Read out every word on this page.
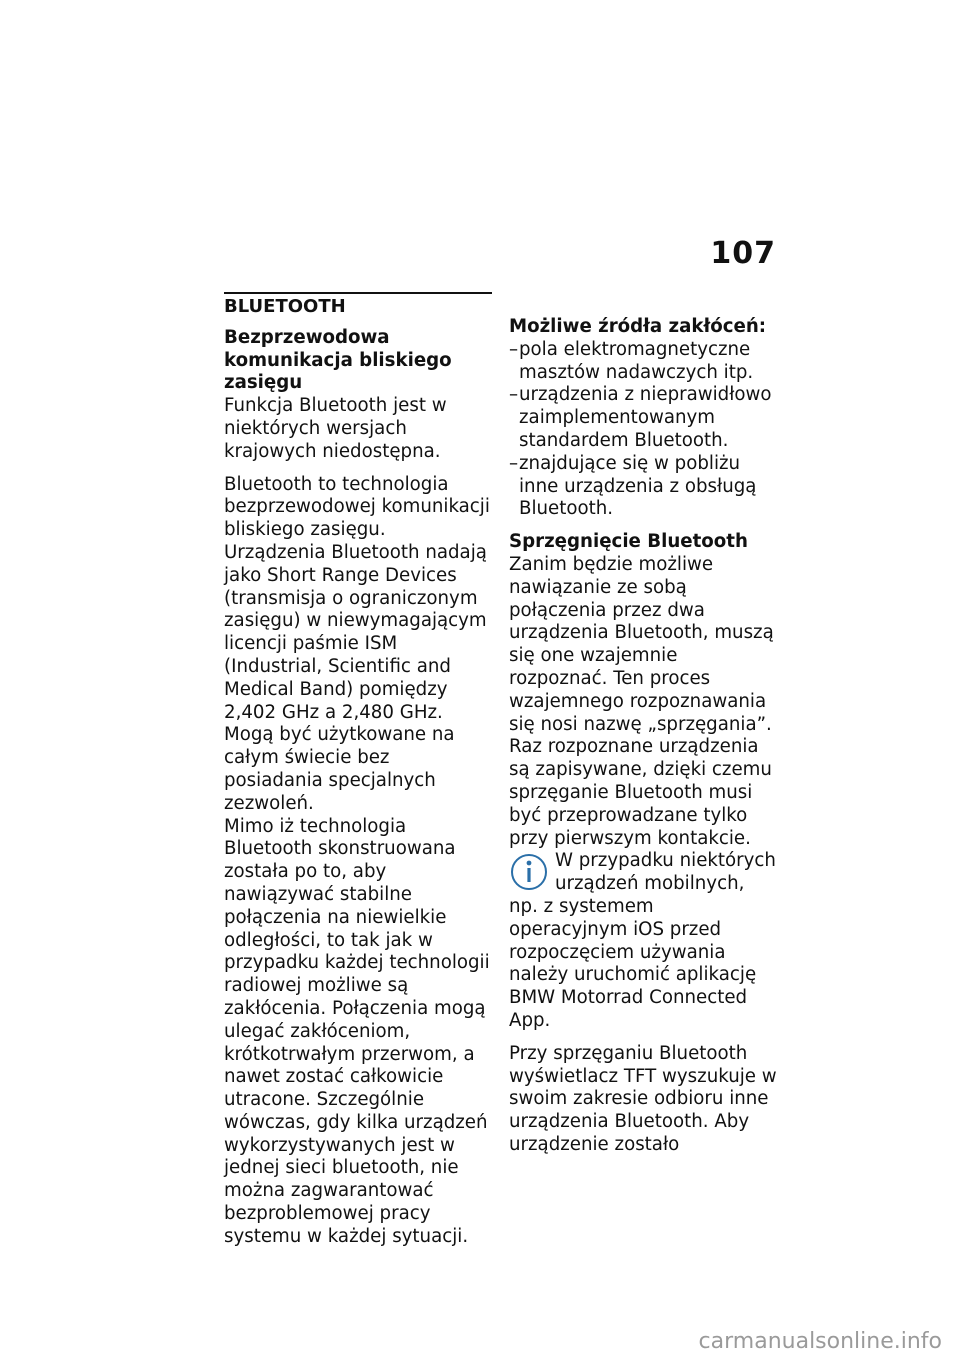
107
BLUETOOTH
Bezprzewodowa komunikacja bliskiego zasięgu

Funkcja Bluetooth jest w niektórych wersjach krajowych niedostępna.

Bluetooth to technologia bezprzewodowej komunikacji bliskiego zasięgu. Urządzenia Bluetooth nadają jako Short Range Devices (transmisja o ograniczonym zasięgu) w niewymagającym licencji paśmie ISM (Industrial, Scientific and Medical Band) pomiędzy 2,402 GHz a 2,480 GHz. Mogą być użytkowane na całym świecie bez posiadania specjalnych zezwoleń.

Mimo iż technologia Bluetooth skonstruowana została po to, aby nawiązywać stabilne połączenia na niewielkie odległości, to tak jak w przypadku każdej technologii radiowej możliwe są zakłócenia. Połączenia mogą ulegać zakłóceniom, krótkotrwałym przerwom, a nawet zostać całkowicie utracone. Szczególnie wówczas, gdy kilka urządzeń wykorzystywanych jest w jednej sieci bluetooth, nie można zagwarantować bezproblemowej pracy systemu w każdej sytuacji.

Możliwe źródła zakłóceń:
– pola elektromagnetyczne masztów nadawczych itp.
– urządzenia z nieprawidłowo zaimplementowanym standardem Bluetooth.
– znajdujące się w pobliżu inne urządzenia z obsługą Bluetooth.
Sprzęgnięcie Bluetooth

Zanim będzie możliwe nawiązanie ze sobą połączenia przez dwa urządzenia Bluetooth, muszą się one wzajemnie rozpoznać. Ten proces wzajemnego rozpoznawania się nosi nazwę „sprzęgania”. Raz rozpoznane urządzenia są zapisywane, dzięki czemu sprzęganie Bluetooth musi być przeprowadzane tylko przy pierwszym kontakcie.

W przypadku niektórych urządzeń mobilnych, np. z systemem operacyjnym iOS przed rozpoczęciem używania należy uruchomić aplikację BMW Motorrad Connected App.

Przy sprzęganiu Bluetooth wyświetlacz TFT wyszukuje w swoim zakresie odbioru inne urządzenia Bluetooth. Aby urządzenie zostało

carmanualsonline.info
